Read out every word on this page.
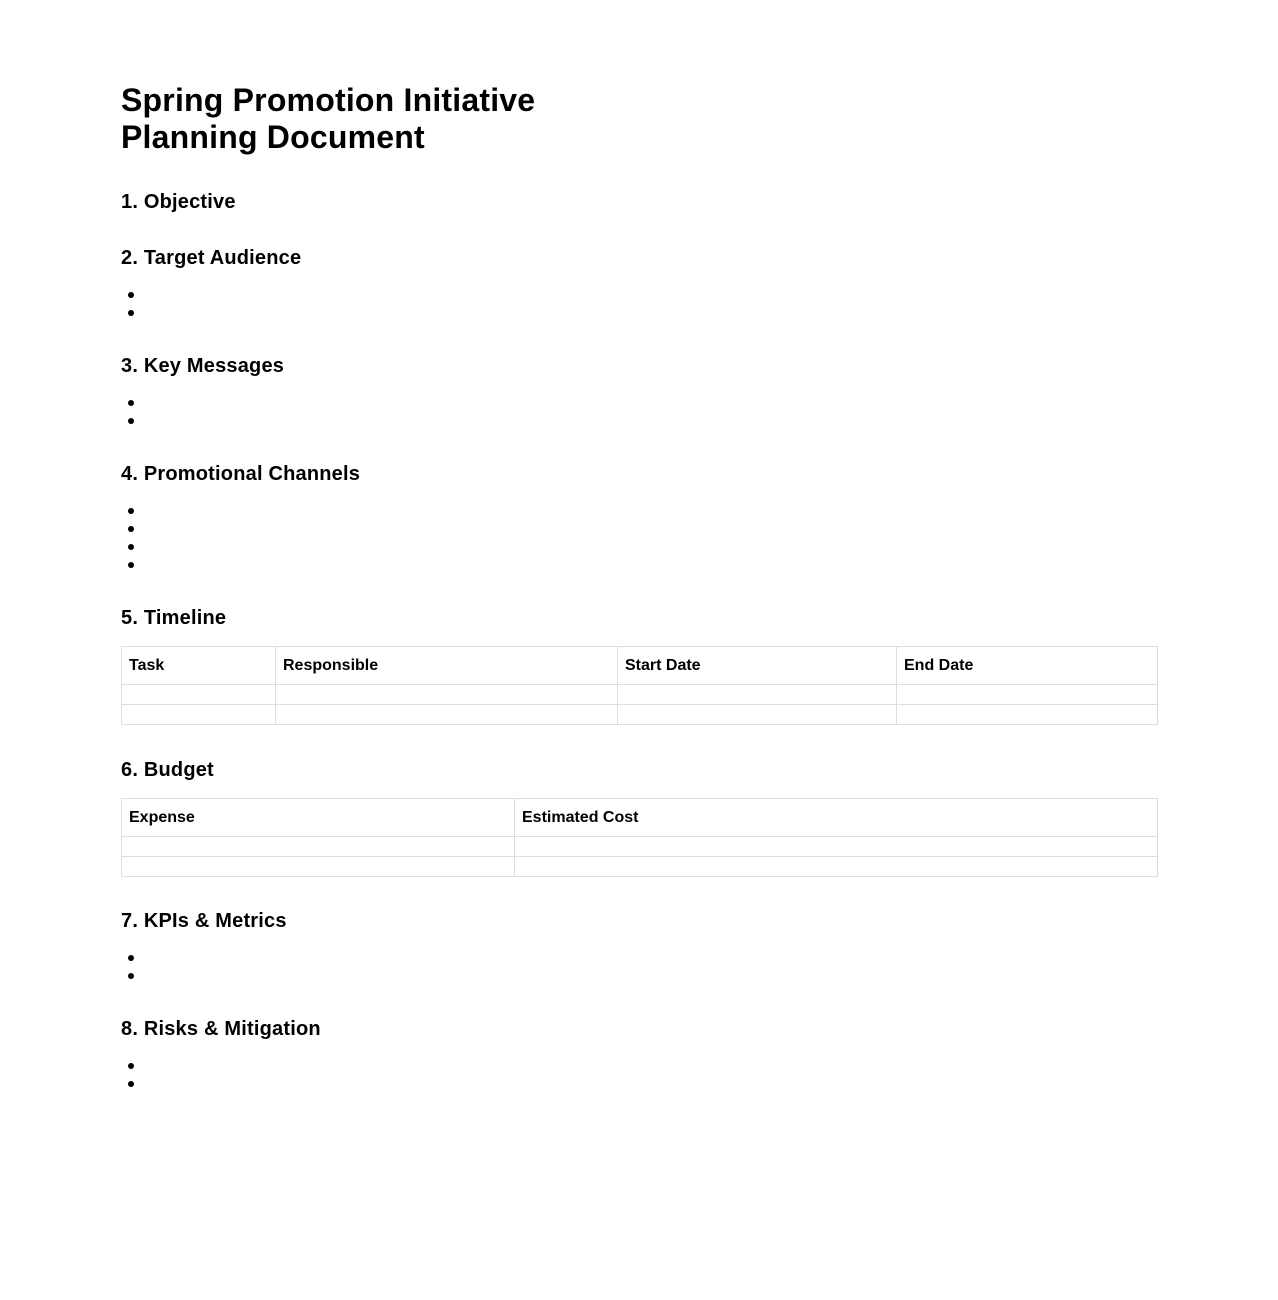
Spring Promotion Initiative
Planning Document
1. Objective
2. Target Audience
3. Key Messages
4. Promotional Channels
5. Timeline
Task	Responsible	Start Date	End Date

6. Budget
Expense	Estimated Cost

7. KPIs & Metrics
8. Risks & Mitigation
